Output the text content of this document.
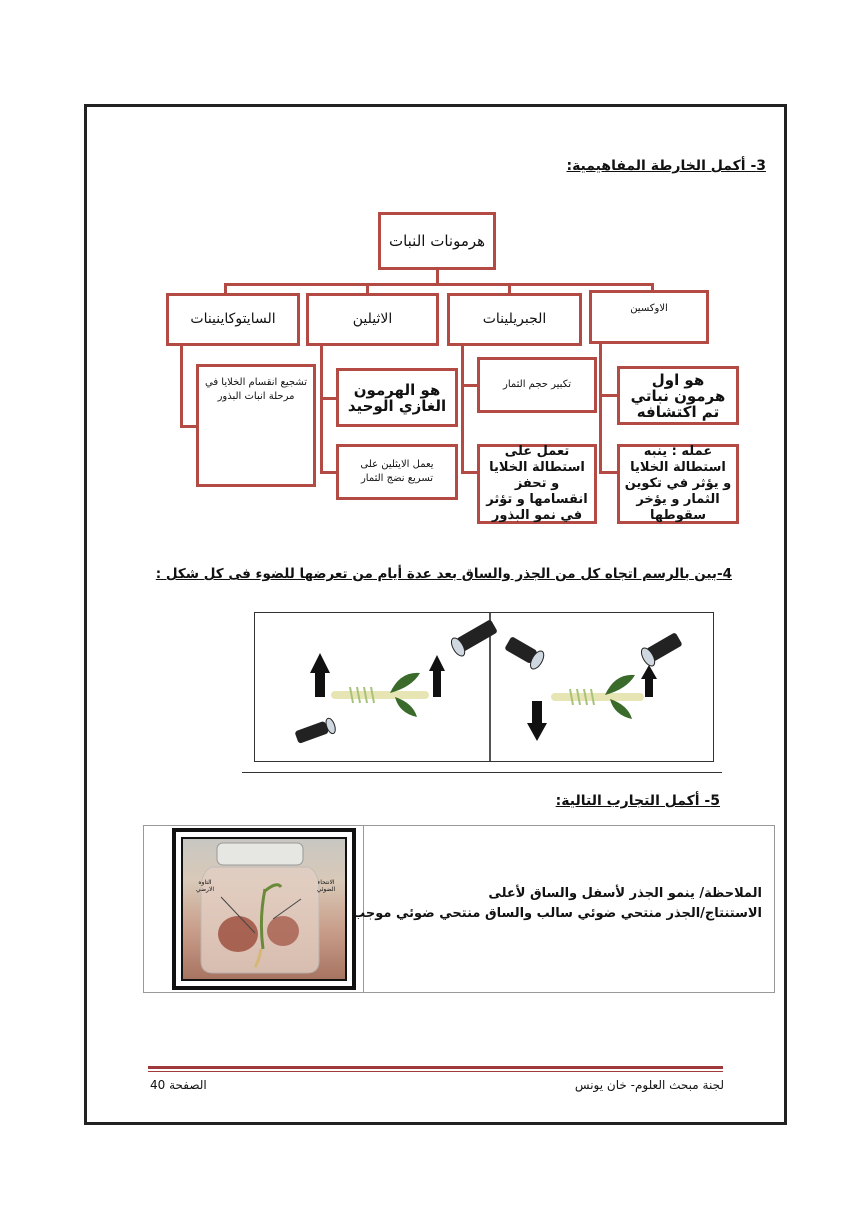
3- أكمل الخارطة المفاهيمية:
هرمونات النبات
السايتوكاينينات	الاثيلين	الجبريلينات
الاوكسين
تشجيع انقسام الخلايا في مرحلة انبات البذور	هو الهرمون الغازي الوحيد
يعمل الايثلين على تسريع نضج الثمار
تكبير حجم الثمار
تعمل على استطالة الخلايا و تحفز انقسامها و تؤثر في نمو البذور
هو اول هرمون نباتي تم اكتشافه
عمله : ينبه استطالة الخلايا و يؤثر في تكوين الثمار و يؤخر سقوطها
4-بين بالرسم اتجاه كل من الجذر والساق بعد عدة أيام من تعرضها للضوء فى كل شكل :
5- أكمل التجارب التالية:
التاوه الارضي
الانتحاء الضوئي	الملاحظة/ ينمو الجذر لأسفل والساق لأعلى
الاستنتاج/الجذر منتحي ضوئي سالب والساق منتحي ضوئي موجب
لجنة مبحث العلوم- خان يونس
الصفحة 40
